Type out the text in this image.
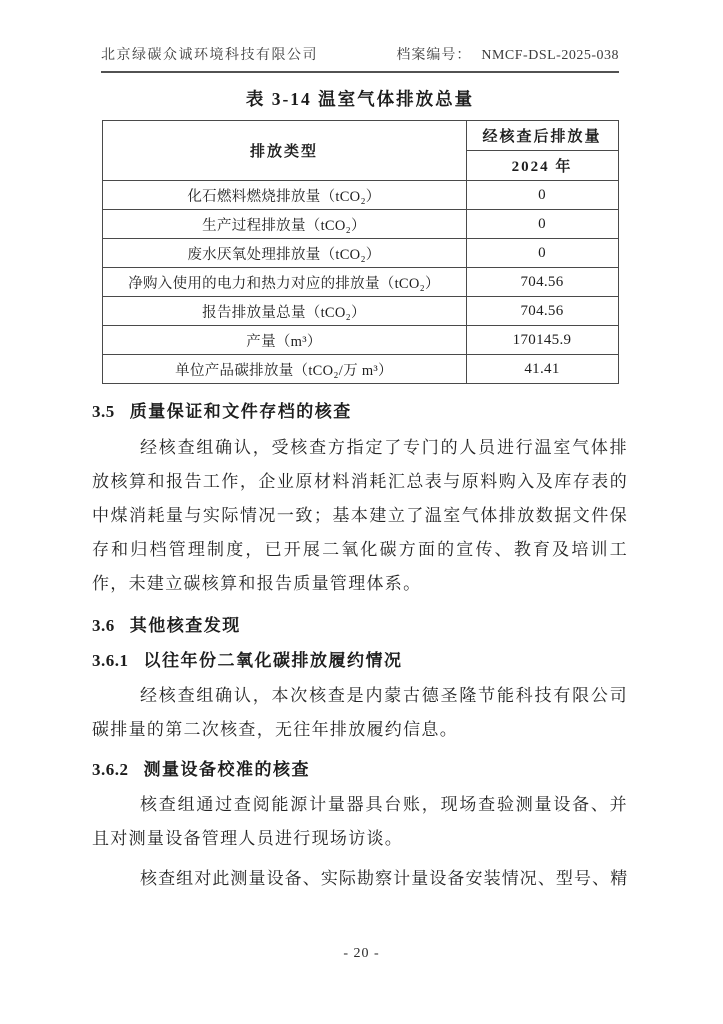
北京绿碳众诚环境科技有限公司	档案编号： NMCF-DSL-2025-038
表 3-14 温室气体排放总量
排放类型	经核查后排放量
	2024 年
化石燃料燃烧排放量（tCO₂）	0
生产过程排放量（tCO₂）	0
废水厌氧处理排放量（tCO₂）	0
净购入使用的电力和热力对应的排放量（tCO₂）	704.56
报告排放量总量（tCO₂）	704.56
产量（m³）	170145.9
单位产品碳排放量（tCO₂/万 m³）	41.41
3.5 质量保证和文件存档的核查

经核查组确认，受核查方指定了专门的人员进行温室气体排放核算和报告工作，企业原材料消耗汇总表与原料购入及库存表的中煤消耗量与实际情况一致；基本建立了温室气体排放数据文件保存和归档管理制度，已开展二氧化碳方面的宣传、教育及培训工作，未建立碳核算和报告质量管理体系。

3.6 其他核查发现
3.6.1 以往年份二氧化碳排放履约情况

经核查组确认，本次核查是内蒙古德圣隆节能科技有限公司碳排量的第二次核查，无往年排放履约信息。

3.6.2 测量设备校准的核查

核查组通过查阅能源计量器具台账，现场查验测量设备、并且对测量设备管理人员进行现场访谈。

核查组对此测量设备、实际勘察计量设备安装情况、型号、精

- 20 -
